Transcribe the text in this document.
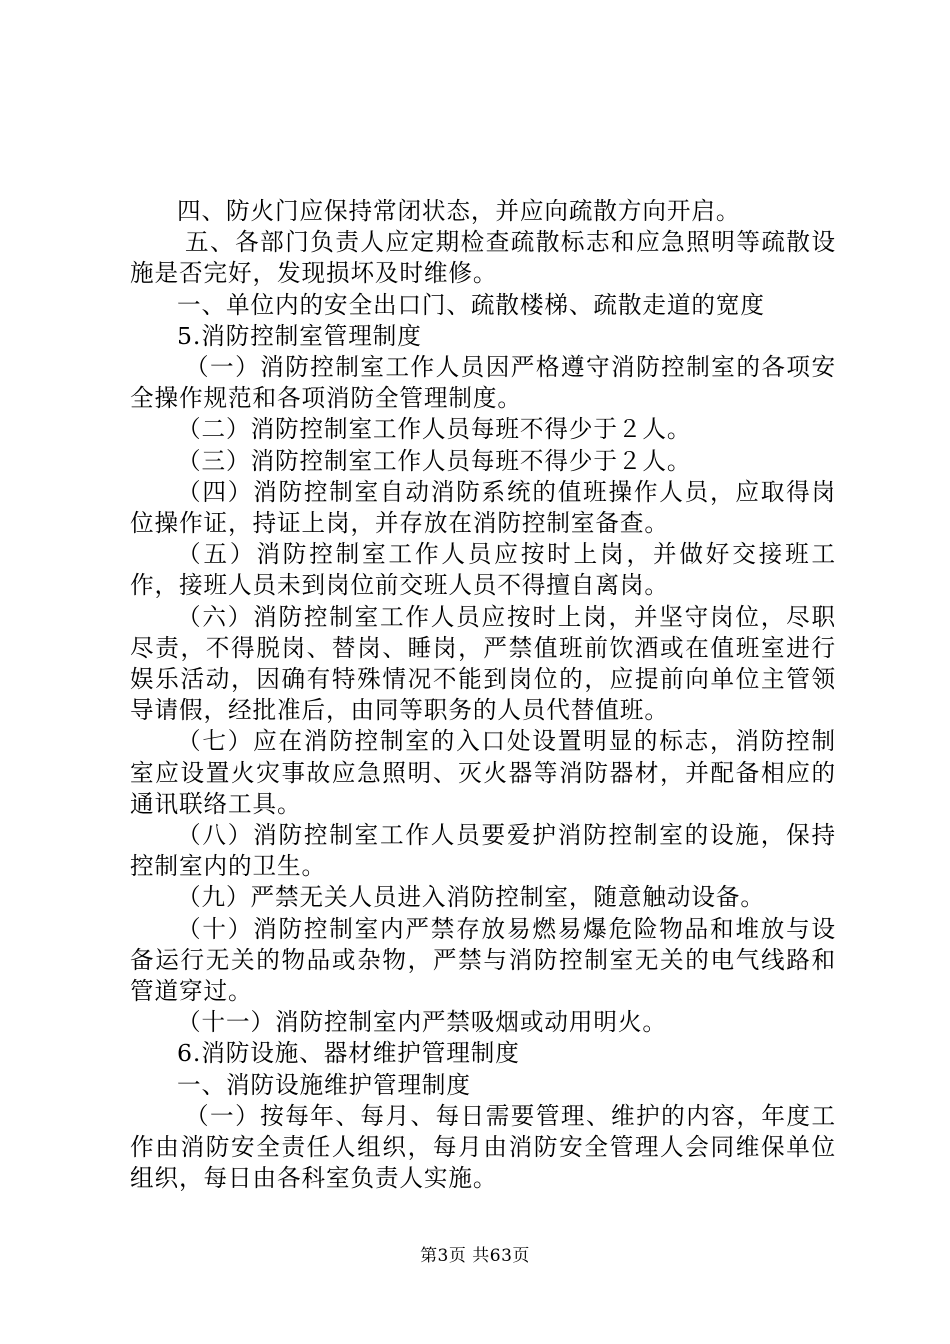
四、防火门应保持常闭状态，并应向疏散方向开启。

五、各部门负责人应定期检查疏散标志和应急照明等疏散设施是否完好，发现损坏及时维修。

一、单位内的安全出口门、疏散楼梯、疏散走道的宽度

5.消防控制室管理制度

（一）消防控制室工作人员因严格遵守消防控制室的各项安全操作规范和各项消防全管理制度。

（二）消防控制室工作人员每班不得少于２人。

（三）消防控制室工作人员每班不得少于２人。

（四）消防控制室自动消防系统的值班操作人员，应取得岗位操作证，持证上岗，并存放在消防控制室备查。

（五）消防控制室工作人员应按时上岗，并做好交接班工作，接班人员未到岗位前交班人员不得擅自离岗。

（六）消防控制室工作人员应按时上岗，并坚守岗位，尽职尽责，不得脱岗、替岗、睡岗，严禁值班前饮酒或在值班室进行娱乐活动，因确有特殊情况不能到岗位的，应提前向单位主管领导请假，经批准后，由同等职务的人员代替值班。

（七）应在消防控制室的入口处设置明显的标志，消防控制室应设置火灾事故应急照明、灭火器等消防器材，并配备相应的通讯联络工具。

（八）消防控制室工作人员要爱护消防控制室的设施，保持控制室内的卫生。

（九）严禁无关人员进入消防控制室，随意触动设备。

（十）消防控制室内严禁存放易燃易爆危险物品和堆放与设备运行无关的物品或杂物，严禁与消防控制室无关的电气线路和管道穿过。

（十一）消防控制室内严禁吸烟或动用明火。

6.消防设施、器材维护管理制度

一、消防设施维护管理制度

（一）按每年、每月、每日需要管理、维护的内容，年度工作由消防安全责任人组织，每月由消防安全管理人会同维保单位组织，每日由各科室负责人实施。

第3页 共63页
